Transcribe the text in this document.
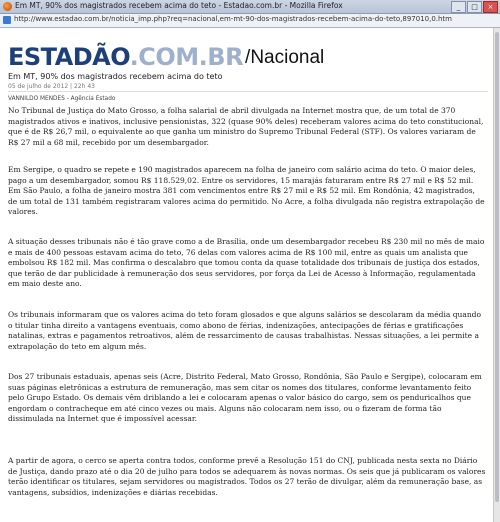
Em MT, 90% dos magistrados recebem acima do teto - Estadao.com.br - Mozilla Firefox	_	□	×
http://www.estadao.com.br/noticia_imp.php?req=nacional,em-mt-90-dos-magistrados-recebem-acima-do-teto,897010,0.htm
ESTADÃO.COM.BR /Nacional
Em MT, 90% dos magistrados recebem acima do teto
05 de julho de 2012 | 22h 43
VANNILDO MENDES - Agência Estado

No Tribunal de Justiça do Mato Grosso, a folha salarial de abril divulgada na Internet mostra que, de um total de 370 magistrados ativos e inativos, inclusive pensionistas, 322 (quase 90% deles) receberam valores acima do teto constitucional, que é de R$ 26,7 mil, o equivalente ao que ganha um ministro do Supremo Tribunal Federal (STF). Os valores variaram de R$ 27 mil a 68 mil, recebido por um desembargador.

Em Sergipe, o quadro se repete e 190 magistrados aparecem na folha de janeiro com salário acima do teto. O maior deles, pago a um desembargador, somou R$ 118.529,02. Entre os servidores, 15 marajás faturaram entre R$ 27 mil e R$ 52 mil. Em São Paulo, a folha de janeiro mostra 381 com vencimentos entre R$ 27 mil e R$ 52 mil. Em Rondônia, 42 magistrados, de um total de 131 também registraram valores acima do permitido. No Acre, a folha divulgada não registra extrapolação de valores.

A situação desses tribunais não é tão grave como a de Brasília, onde um desembargador recebeu R$ 230 mil no mês de maio e mais de 400 pessoas estavam acima do teto, 76 delas com valores acima de R$ 100 mil, entre as quais um analista que embolsou R$ 182 mil. Mas confirma o descalabro que tomou conta da quase totalidade dos tribunais de justiça dos estados, que terão de dar publicidade à remuneração dos seus servidores, por força da Lei de Acesso à Informação, regulamentada em maio deste ano.

Os tribunais informaram que os valores acima do teto foram glosados e que alguns salários se descolaram da média quando o titular tinha direito a vantagens eventuais, como abono de férias, indenizações, antecipações de férias e gratificações natalinas, extras e pagamentos retroativos, além de ressarcimento de causas trabalhistas. Nessas situações, a lei permite a extrapolação do teto em algum mês.

Dos 27 tribunais estaduais, apenas seis (Acre, Distrito Federal, Mato Grosso, Rondônia, São Paulo e Sergipe), colocaram em suas páginas eletrônicas a estrutura de remuneração, mas sem citar os nomes dos titulares, conforme levantamento feito pelo Grupo Estado. Os demais vêm driblando a lei e colocaram apenas o valor básico do cargo, sem os penduricalhos que engordam o contracheque em até cinco vezes ou mais. Alguns não colocaram nem isso, ou o fizeram de forma tão dissimulada na Internet que é impossível acessar.

A partir de agora, o cerco se aperta contra todos, conforme prevê a Resolução 151 do CNJ, publicada nesta sexta no Diário de Justiça, dando prazo até o dia 20 de julho para todos se adequarem às novas normas. Os seis que já publicaram os valores terão identificar os titulares, sejam servidores ou magistrados. Todos os 27 terão de divulgar, além da remuneração base, as vantagens, subsídios, indenizações e diárias recebidas.
